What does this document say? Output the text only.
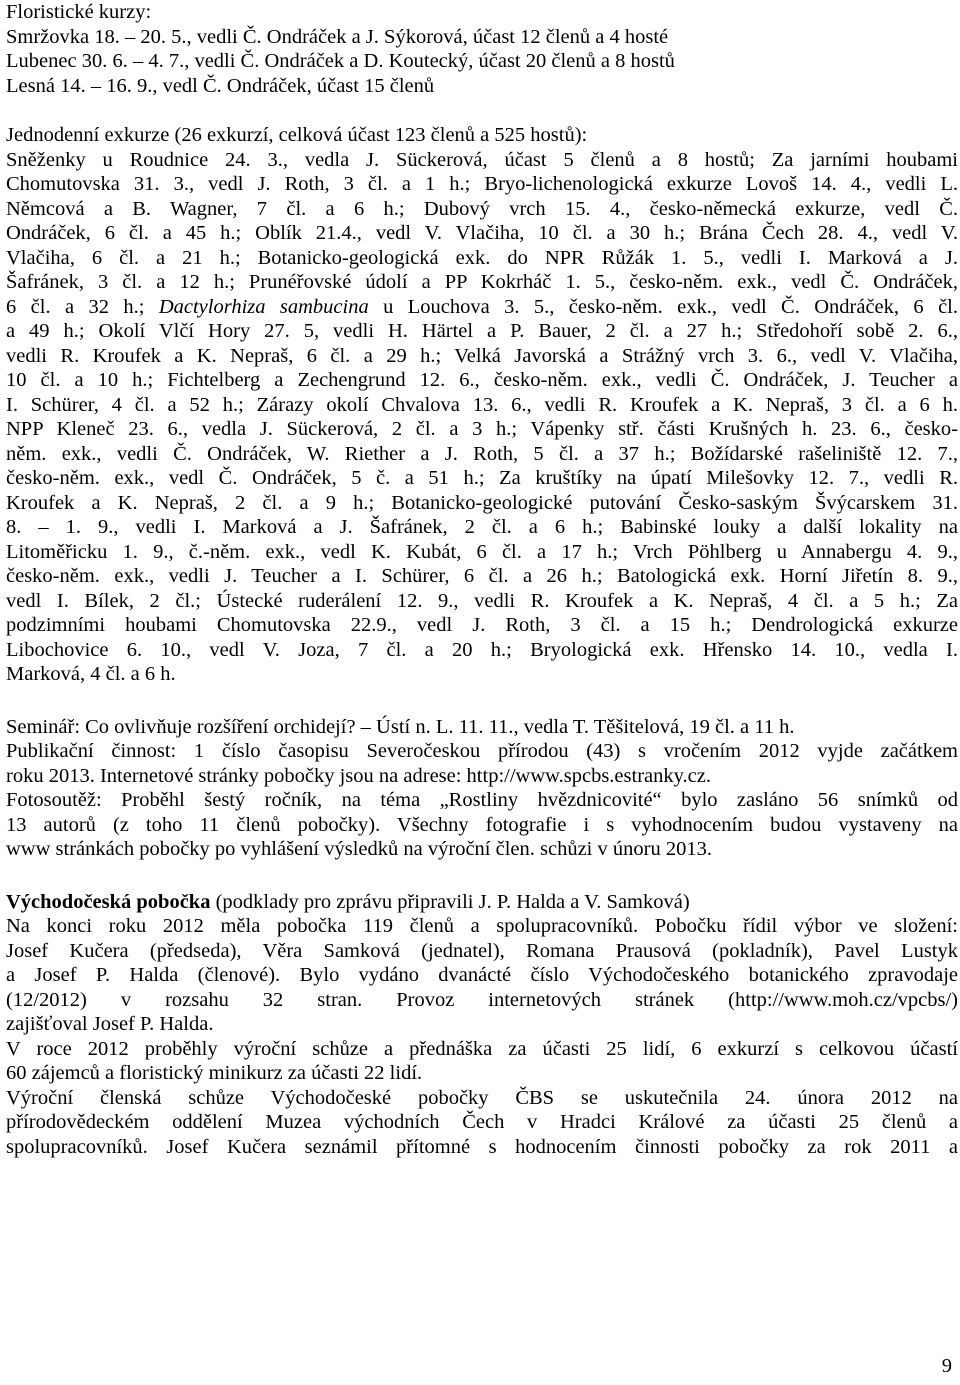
Floristické kurzy:
Smržovka 18. – 20. 5., vedli Č. Ondráček a J. Sýkorová, účast 12 členů a 4 hosté
Lubenec 30. 6. – 4. 7., vedli Č. Ondráček a D. Koutecký, účast 20 členů a 8 hostů
Lesná 14. – 16. 9., vedl Č. Ondráček, účast 15 členů
Jednodenní exkurze (26 exkurzí, celková účast 123 členů a 525 hostů):
Sněženky u Roudnice 24. 3., vedla J. Sückerová, účast 5 členů a 8 hostů; Za jarními houbami
Chomutovska 31. 3., vedl J. Roth, 3 čl. a 1 h.; Bryo-lichenologická exkurze Lovoš 14. 4., vedli L.
Němcová a B. Wagner, 7 čl. a 6 h.; Dubový vrch 15. 4., česko-německá exkurze, vedl Č.
Ondráček, 6 čl. a 45 h.; Oblík 21.4., vedl V. Vlačiha, 10 čl. a 30 h.; Brána Čech 28. 4., vedl V.
Vlačiha, 6 čl. a 21 h.; Botanicko-geologická exk. do NPR Růžák 1. 5., vedli I. Marková a J.
Šafránek, 3 čl. a 12 h.; Prunéřovské údolí a PP Kokrháč 1. 5., česko-něm. exk., vedl Č. Ondráček,
6 čl. a 32 h.; Dactylorhiza sambucina u Louchova 3. 5., česko-něm. exk., vedl Č. Ondráček, 6 čl.
a 49 h.; Okolí Vlčí Hory 27. 5, vedli H. Härtel a P. Bauer, 2 čl. a 27 h.; Středohoří sobě 2. 6.,
vedli R. Kroufek a K. Nepraš, 6 čl. a 29 h.; Velká Javorská a Strážný vrch 3. 6., vedl V. Vlačiha,
10 čl. a 10 h.; Fichtelberg a Zechengrund 12. 6., česko-něm. exk., vedli Č. Ondráček, J. Teucher a
I. Schürer, 4 čl. a 52 h.; Zárazy okolí Chvalova 13. 6., vedli R. Kroufek a K. Nepraš, 3 čl. a 6 h.
NPP Kleneč 23. 6., vedla J. Sückerová, 2 čl. a 3 h.; Vápenky stř. části Krušných h. 23. 6., česko-
něm. exk., vedli Č. Ondráček, W. Riether a J. Roth, 5 čl. a 37 h.; Božídarské rašeliniště 12. 7.,
česko-něm. exk., vedl Č. Ondráček, 5 č. a 51 h.; Za kruštíky na úpatí Milešovky 12. 7., vedli R.
Kroufek a K. Nepraš, 2 čl. a 9 h.; Botanicko-geologické putování Česko-saským Švýcarskem 31.
8. – 1. 9., vedli I. Marková a J. Šafránek, 2 čl. a 6 h.; Babinské louky a další lokality na
Litoměřicku 1. 9., č.-něm. exk., vedl K. Kubát, 6 čl. a 17 h.; Vrch Pöhlberg u Annabergu 4. 9.,
česko-něm. exk., vedli J. Teucher a I. Schürer, 6 čl. a 26 h.; Batologická exk. Horní Jiřetín 8. 9.,
vedl I. Bílek, 2 čl.; Ústecké ruderálení 12. 9., vedli R. Kroufek a K. Nepraš, 4 čl. a 5 h.; Za
podzimními houbami Chomutovska 22.9., vedl J. Roth, 3 čl. a 15 h.; Dendrologická exkurze
Libochovice 6. 10., vedl V. Joza, 7 čl. a 20 h.; Bryologická exk. Hřensko 14. 10., vedla I.
Marková, 4 čl. a 6 h.
Seminář: Co ovlivňuje rozšíření orchidejí? – Ústí n. L. 11. 11., vedla T. Těšitelová, 19 čl. a 11 h.
Publikační činnost: 1 číslo časopisu Severočeskou přírodou (43) s vročením 2012 vyjde začátkem
roku 2013. Internetové stránky pobočky jsou na adrese: http://www.spcbs.estranky.cz.
Fotosoutěž: Proběhl šestý ročník, na téma „Rostliny hvězdnicovité“ bylo zasláno 56 snímků od
13 autorů (z toho 11 členů pobočky). Všechny fotografie i s vyhodnocením budou vystaveny na
www stránkách pobočky po vyhlášení výsledků na výroční člen. schůzi v únoru 2013.
Východočeská pobočka (podklady pro zprávu připravili J. P. Halda a V. Samková)
Na konci roku 2012 měla pobočka 119 členů a spolupracovníků. Pobočku řídil výbor ve složení:
Josef Kučera (předseda), Věra Samková (jednatel), Romana Prausová (pokladník), Pavel Lustyk
a Josef P. Halda (členové). Bylo vydáno dvanácté číslo Východočeského botanického zpravodaje
(12/2012) v rozsahu 32 stran. Provoz internetových stránek (http://www.moh.cz/vpcbs/)
zajišťoval Josef P. Halda.
V roce 2012 proběhly výroční schůze a přednáška za účasti 25 lidí, 6 exkurzí s celkovou účastí
60 zájemců a floristický minikurz za účasti 22 lidí.
Výroční členská schůze Východočeské pobočky ČBS se uskutečnila 24. února 2012 na
přírodovědeckém oddělení Muzea východních Čech v Hradci Králové za účasti 25 členů a
spolupracovníků. Josef Kučera seznámil přítomné s hodnocením činnosti pobočky za rok 2011 a
9
